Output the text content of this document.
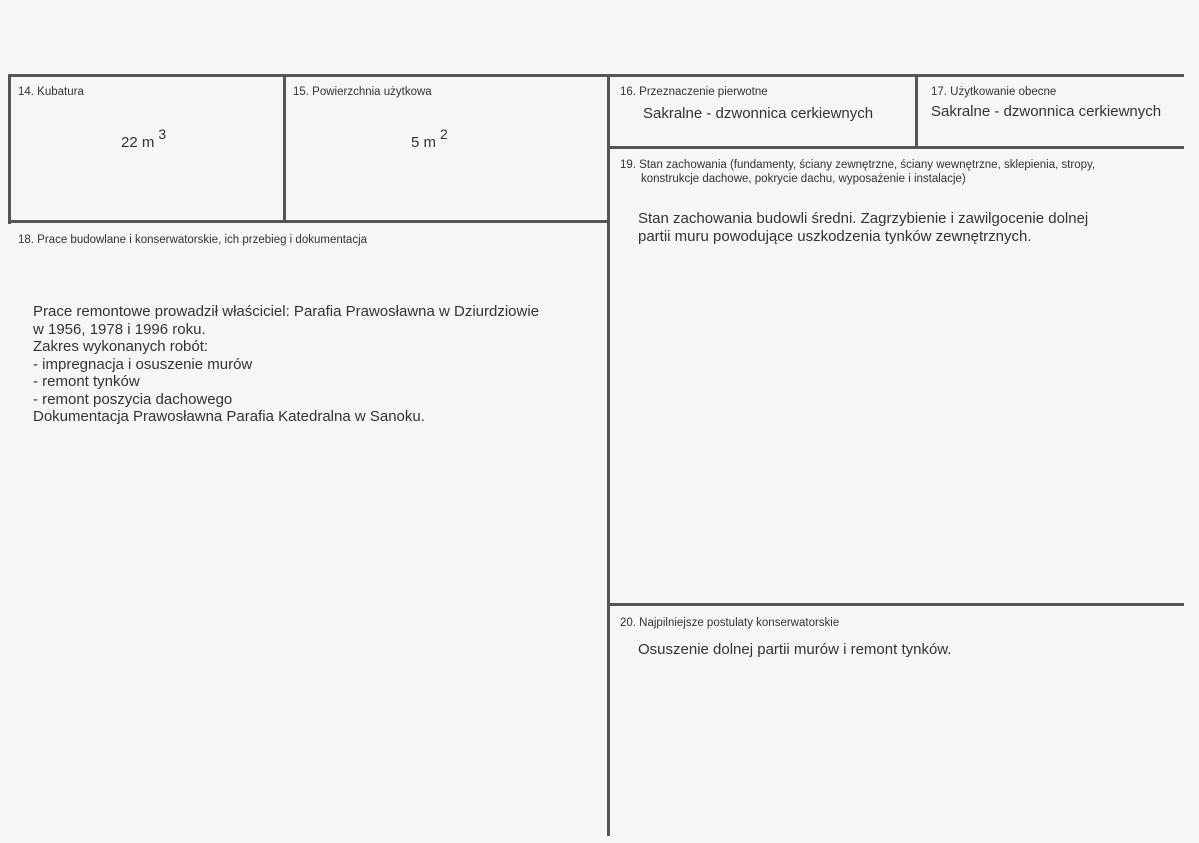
14. Kubatura
22 m $^3$
15. Powierzchnia użytkowa
5 m $^2$
16. Przeznaczenie pierwotne
Sakralne - dzwonnica cerkiewnych
17. Użytkowanie obecne
Sakralne - dzwonnica cerkiewnych
18. Prace budowlane i konserwatorskie, ich przebieg i dokumentacja
Prace remontowe prowadził właściciel: Parafia Prawosławna w Dziurdziowie
w 1956, 1978 i 1996 roku.
Zakres wykonanych robót:
- impregnacja i osuszenie murów
- remont tynków
- remont poszycia dachowego
Dokumentacja Prawosławna Parafia Katedralna w Sanoku.
19. Stan zachowania (fundamenty, ściany zewnętrzne, ściany wewnętrzne, sklepienia, stropy,
konstrukcje dachowe, pokrycie dachu, wyposażenie i instalacje)
Stan zachowania budowli średni. Zagrzybienie i zawilgocenie dolnej
partii muru powodujące uszkodzenia tynków zewnętrznych.
20. Najpilniejsze postulaty konserwatorskie
Osuszenie dolnej partii murów i remont tynków.
